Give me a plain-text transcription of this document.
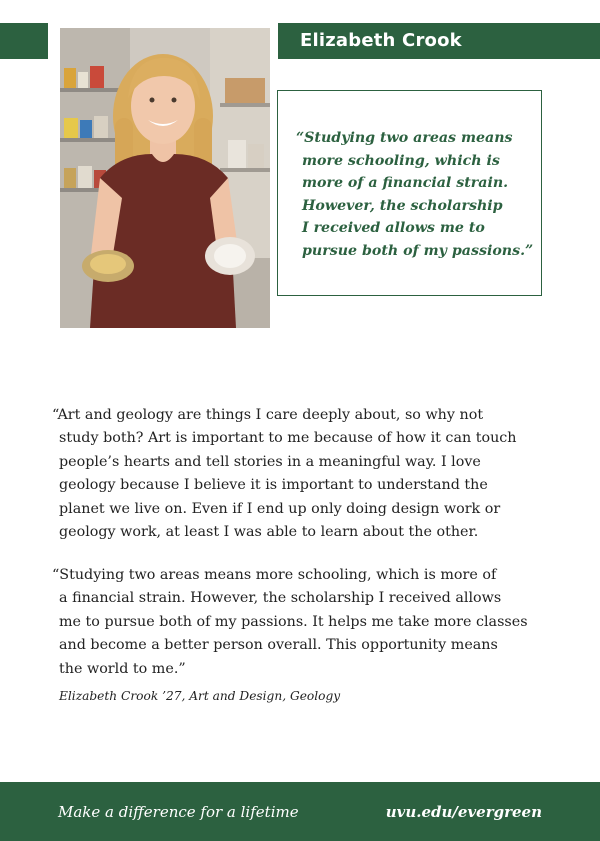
Elizabeth Crook
“Studying two areas means
more schooling, which is
more of a financial strain.
However, the scholarship
I received allows me to
pursue both of my passions.”
“Art and geology are things I care deeply about, so why not
study both? Art is important to me because of how it can touch
people’s hearts and tell stories in a meaningful way. I love
geology because I believe it is important to understand the
planet we live on. Even if I end up only doing design work or
geology work, at least I was able to learn about the other.
“Studying two areas means more schooling, which is more of
a financial strain. However, the scholarship I received allows
me to pursue both of my passions. It helps me take more classes
and become a better person overall. This opportunity means
the world to me.”
Elizabeth Crook ’27, Art and Design, Geology
Make a difference for a lifetime	uvu.edu/evergreen
